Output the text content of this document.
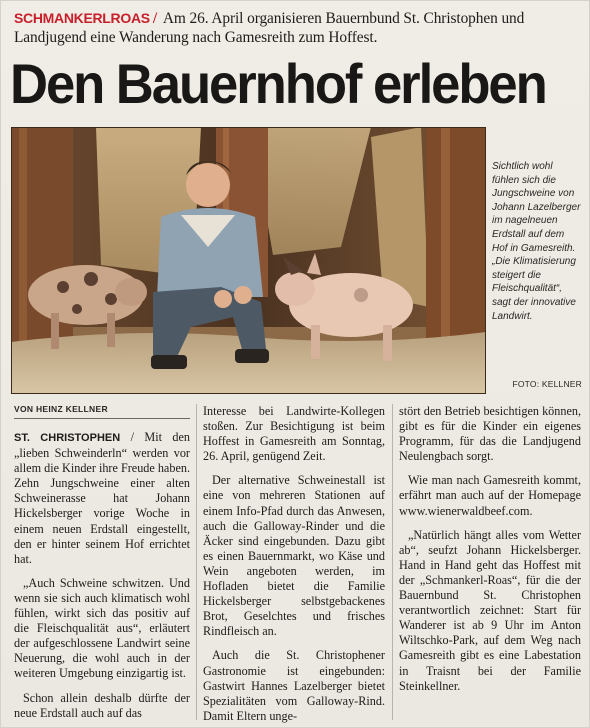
SCHMANKERLROAS / Am 26. April organisieren Bauernbund St. Christophen und Landjugend eine Wanderung nach Gamesreith zum Hoffest.
Den Bauernhof erleben
Sichtlich wohl fühlen sich die Jungschweine von Johann Lazelberger im nagelneuen Erdstall auf dem Hof in Gamesreith. „Die Klimatisierung steigert die Fleischqualität“, sagt der innovative Landwirt.
FOTO: KELLNER
VON HEINZ KELLNER

ST. CHRISTOPHEN / Mit den „lieben Schweinderln“ werden vor allem die Kinder ihre Freude haben. Zehn Jungschweine einer alten Schweinerasse hat Johann Hickelsberger vorige Woche in einem neuen Erdstall eingestellt, den er hinter seinem Hof errichtet hat.

„Auch Schweine schwitzen. Und wenn sie sich auch klimatisch wohl fühlen, wirkt sich das positiv auf die Fleischqualität aus“, erläutert der aufgeschlossene Landwirt seine Neuerung, die wohl auch in der weiteren Umgebung einzigartig ist.

Schon allein deshalb dürfte der neue Erdstall auch auf das

Interesse bei Landwirte-Kollegen stoßen. Zur Besichtigung ist beim Hoffest in Gamesreith am Sonntag, 26. April, genügend Zeit.

Der alternative Schweinestall ist eine von mehreren Stationen auf einem Info-Pfad durch das Anwesen, auch die Galloway-Rinder und die Äcker sind eingebunden. Dazu gibt es einen Bauernmarkt, wo Käse und Wein angeboten werden, im Hofladen bietet die Familie Hickelsberger selbstgebackenes Brot, Geselchtes und frisches Rindfleisch an.

Auch die St. Christophener Gastronomie ist eingebunden: Gastwirt Hannes Lazelberger bietet Spezialitäten vom Galloway-Rind. Damit Eltern unge-

stört den Betrieb besichtigen können, gibt es für die Kinder ein eigenes Programm, für das die Landjugend Neulengbach sorgt.

Wie man nach Gamesreith kommt, erfährt man auch auf der Homepage www.wienerwaldbeef.com.

„Natürlich hängt alles vom Wetter ab“, seufzt Johann Hickelsberger. Hand in Hand geht das Hoffest mit der „Schmankerl-Roas“, für die der Bauernbund St. Christophen verantwortlich zeichnet: Start für Wanderer ist ab 9 Uhr im Anton Wiltschko-Park, auf dem Weg nach Gamesreith gibt es eine Labestation in Traisnt bei der Familie Steinkellner.
